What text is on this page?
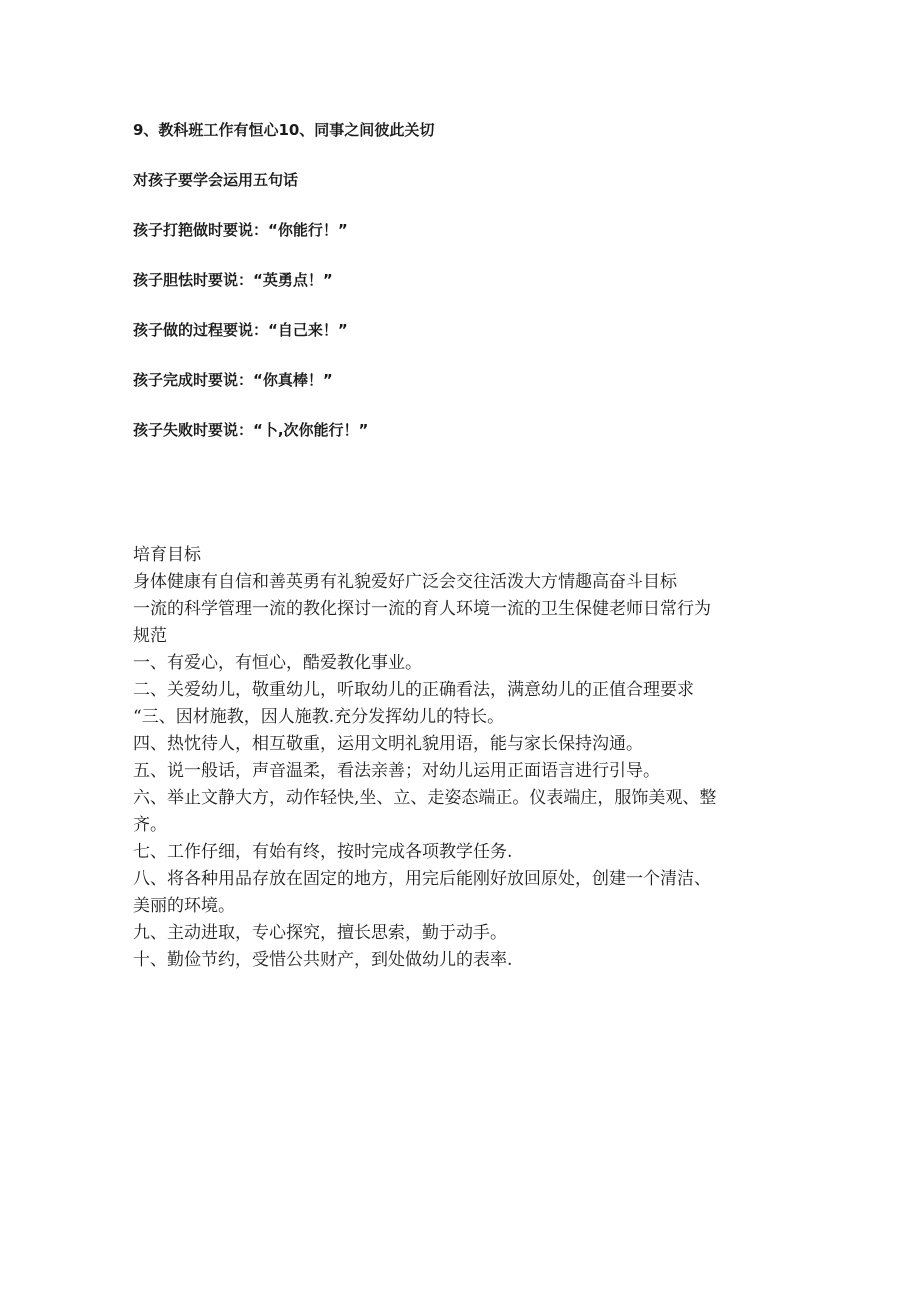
9、教科班工作有恒心10、同事之间彼此关切

对孩子要学会运用五句话

孩子打筢做时要说：“你能行！”

孩子胆怯时要说：“英勇点！”

孩子做的过程要说：“自己来！”

孩子完成时要说：“你真棒！”

孩子失败时要说：“卜,次你能行！”

培育目标

身体健康有自信和善英勇有礼貌爱好广泛会交往活泼大方情趣高奋斗目标

一流的科学管理一流的教化探讨一流的育人环境一流的卫生保健老师日常行为

规范

一、有爱心，有恒心，酷爱教化事业。

二、关爱幼儿，敬重幼儿，听取幼儿的正确看法，满意幼儿的正值合理要求

“三、因材施教，因人施教.充分发挥幼儿的特长。

四、热忱待人，相互敬重，运用文明礼貌用语，能与家长保持沟通。

五、说一般话，声音温柔，看法亲善；对幼儿运用正面语言进行引导。

六、举止文静大方，动作轻快,坐、立、走姿态端正。仪表端庄，服饰美观、整

齐。

七、工作仔细，有始有终，按时完成各项教学任务.

八、将各种用品存放在固定的地方，用完后能刚好放回原处，创建一个清洁、

美丽的环境。

九、主动进取，专心探究，擅长思索，勤于动手。

十、勤俭节约，受惜公共财产，到处做幼儿的表率.
